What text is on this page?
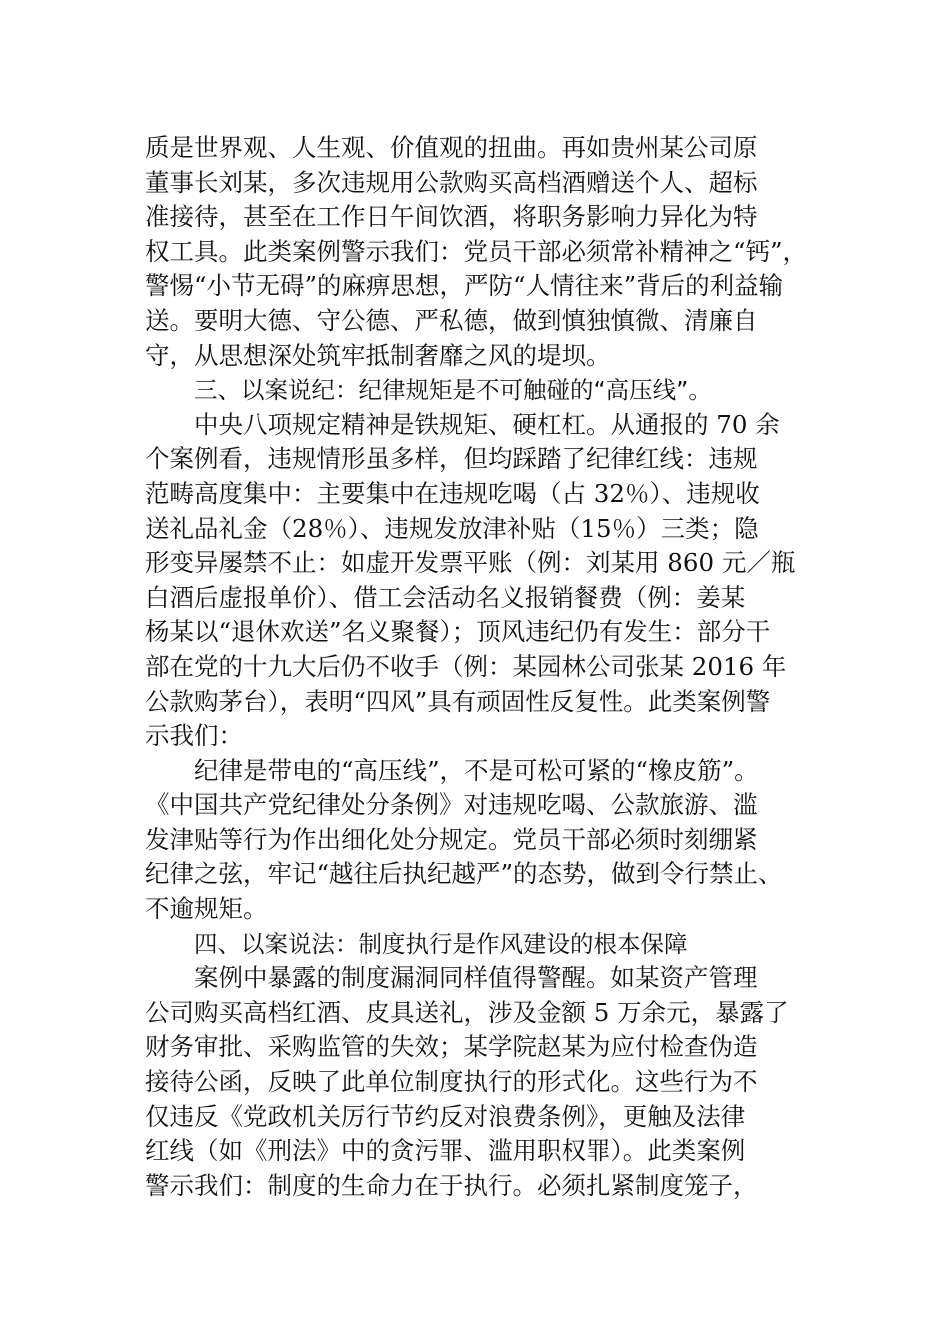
质是世界观、人生观、价值观的扭曲。再如贵州某公司原
董事长刘某，多次违规用公款购买高档酒赠送个人、超标
准接待，甚至在工作日午间饮酒，将职务影响力异化为特
权工具。此类案例警示我们：党员干部必须常补精神之“钙”，
警惕“小节无碍”的麻痹思想，严防“人情往来”背后的利益输
送。要明大德、守公德、严私德，做到慎独慎微、清廉自
守，从思想深处筑牢抵制奢靡之风的堤坝。
三、以案说纪：纪律规矩是不可触碰的“高压线”。
中央八项规定精神是铁规矩、硬杠杠。从通报的 70 余
个案例看，违规情形虽多样，但均踩踏了纪律红线：违规
范畴高度集中：主要集中在违规吃喝（占 32％）、违规收
送礼品礼金（28％）、违规发放津补贴（15％）三类；隐
形变异屡禁不止：如虚开发票平账（例：刘某用 860 元／瓶
白酒后虚报单价）、借工会活动名义报销餐费（例：姜某
杨某以“退休欢送”名义聚餐）；顶风违纪仍有发生：部分干
部在党的十九大后仍不收手（例：某园林公司张某 2016 年
公款购茅台），表明“四风”具有顽固性反复性。此类案例警
示我们：
纪律是带电的“高压线”，不是可松可紧的“橡皮筋”。
《中国共产党纪律处分条例》对违规吃喝、公款旅游、滥
发津贴等行为作出细化处分规定。党员干部必须时刻绷紧
纪律之弦，牢记“越往后执纪越严”的态势，做到令行禁止、
不逾规矩。
四、以案说法：制度执行是作风建设的根本保障
案例中暴露的制度漏洞同样值得警醒。如某资产管理
公司购买高档红酒、皮具送礼，涉及金额 5 万余元，暴露了
财务审批、采购监管的失效；某学院赵某为应付检查伪造
接待公函，反映了此单位制度执行的形式化。这些行为不
仅违反《党政机关厉行节约反对浪费条例》，更触及法律
红线（如《刑法》中的贪污罪、滥用职权罪）。此类案例
警示我们：制度的生命力在于执行。必须扎紧制度笼子，
